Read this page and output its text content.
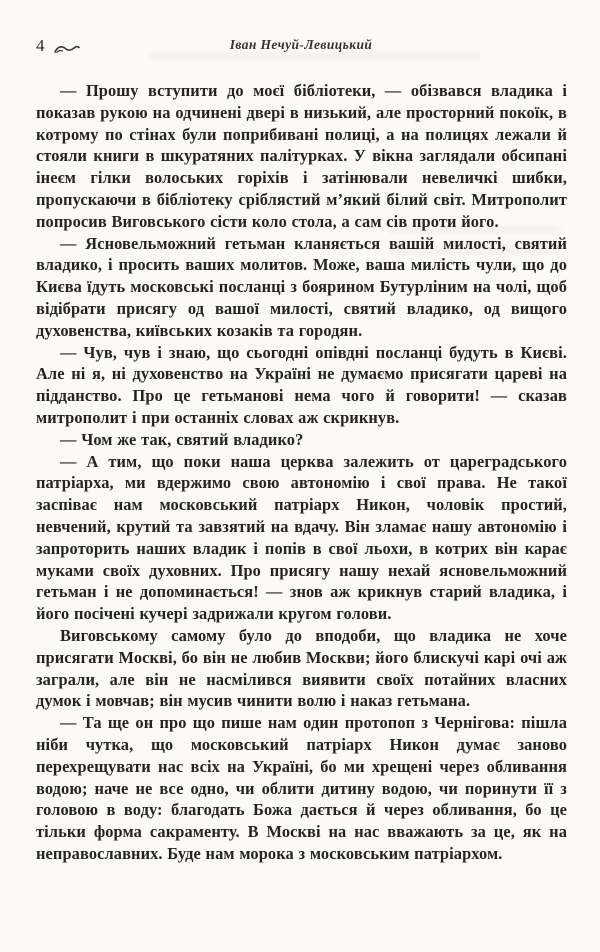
4	Іван Нечуй-Левицький

— Прошу вступити до моєї бібліотеки, — обізвався владика і показав рукою на одчинені двері в низький, але просторний покоїк, в котрому по стінах були поприбивані полиці, а на полицях лежали й стояли книги в шкуратяних палітурках. У вікна заглядали обсипані інеєм гілки волоських горіхів і затінювали невеличкі шибки, пропускаючи в бібліотеку сріблястий м’який білий світ. Митрополит попросив Виговського сісти коло стола, а сам сів проти його.

— Ясновельможний гетьман кланяється вашій милості, святий владико, і просить ваших молитов. Може, ваша милість чули, що до Києва їдуть московські посланці з боярином Бутурліним на чолі, щоб відібрати присягу од вашої милості, святий владико, од вищого духовенства, київських козаків та городян.

— Чув, чув і знаю, що сьогодні опівдні посланці будуть в Києві. Але ні я, ні духовенство на Україні не думаємо присягати цареві на підданство. Про це гетьманові нема чого й говорити! — сказав митрополит і при останніх словах аж скрикнув.

— Чом же так, святий владико?

— А тим, що поки наша церква залежить от цареградського патріарха, ми вдержимо свою автономію і свої права. Не такої заспіває нам московський патріарх Никон, чоловік простий, невчений, крутий та завзятий на вдачу. Він зламає нашу автономію і запроторить наших владик і попів в свої льохи, в котрих він карає муками своїх духовних. Про присягу нашу нехай ясновельможний гетьман і не допоминається! — знов аж крикнув старий владика, і його посічені кучері задрижали кругом голови.

Виговському самому було до вподоби, що владика не хоче присягати Москві, бо він не любив Москви; його блискучі карі очі аж заграли, але він не насмілився виявити своїх потайних власних думок і мовчав; він мусив чинити волю і наказ гетьмана.

— Та ще он про що пише нам один протопоп з Чернігова: пішла ніби чутка, що московський патріарх Никон думає заново перехрещувати нас всіх на Україні, бо ми хрещені через обливання водою; наче не все одно, чи облити дитину водою, чи поринути її з головою в воду: благодать Божа дається й через обливання, бо це тільки форма сакраменту. В Москві на нас вважають за це, як на неправославних. Буде нам морока з московським патріархом.
